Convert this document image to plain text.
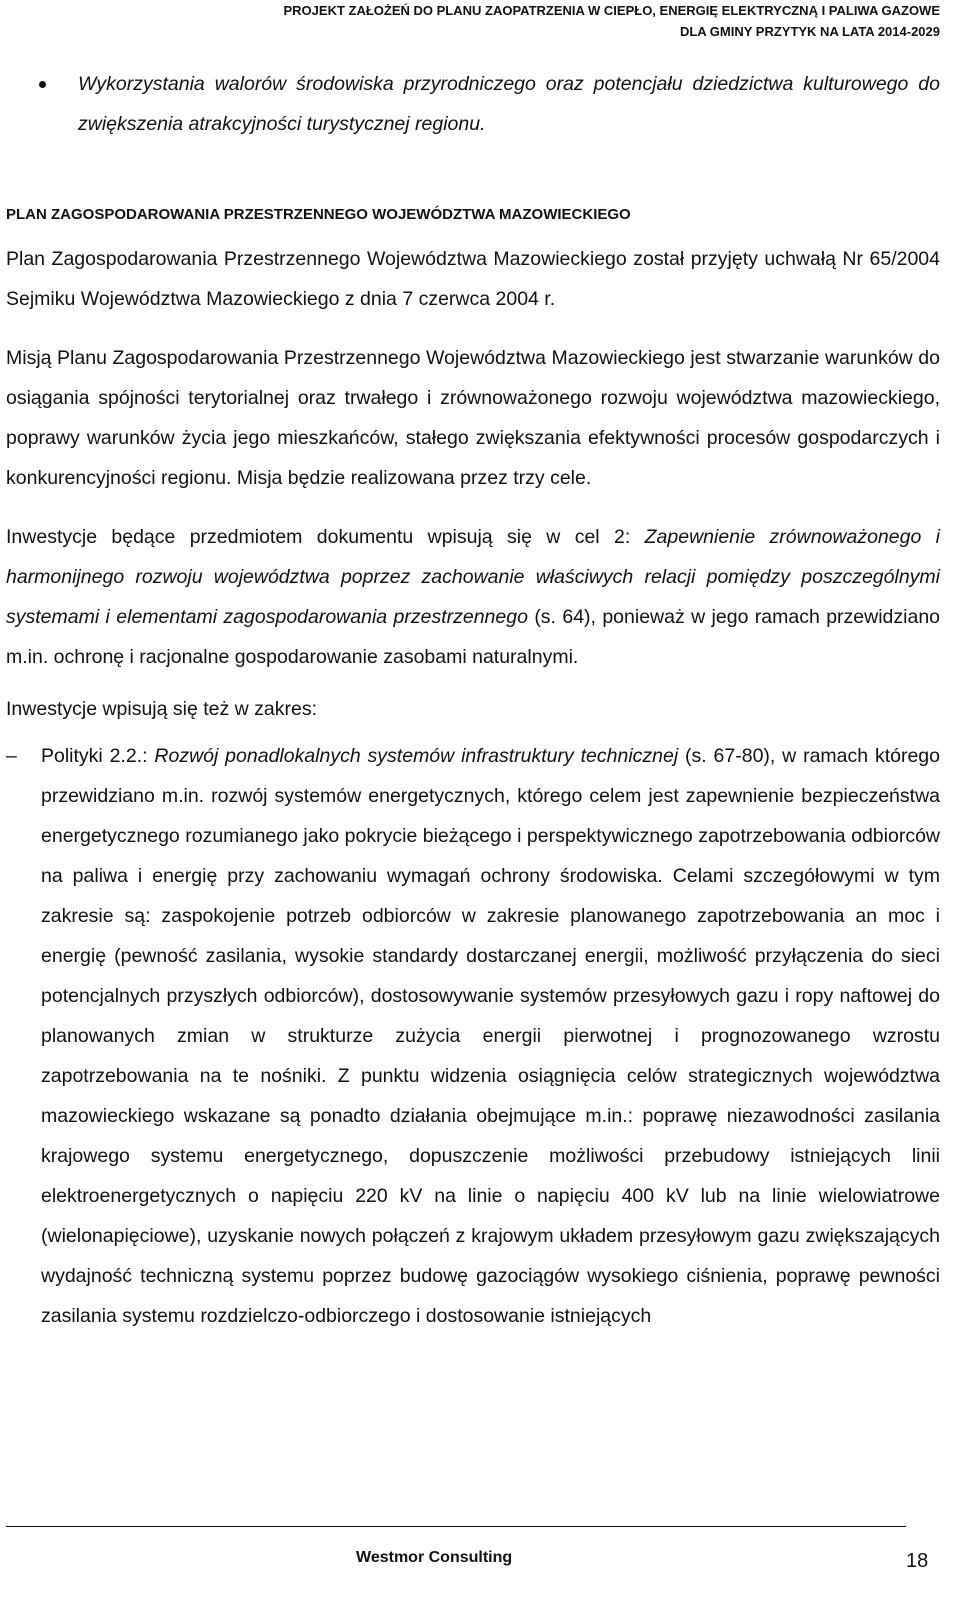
PROJEKT ZAŁOŻEŃ DO PLANU ZAOPATRZENIA W CIEPŁO, ENERGIĘ ELEKTRYCZNĄ I PALIWA GAZOWE
DLA GMINY PRZYTYK NA LATA 2014-2029
Wykorzystania walorów środowiska przyrodniczego oraz potencjału dziedzictwa kulturowego do zwiększenia atrakcyjności turystycznej regionu.
PLAN ZAGOSPODAROWANIA PRZESTRZENNEGO WOJEWÓDZTWA MAZOWIECKIEGO

Plan Zagospodarowania Przestrzennego Województwa Mazowieckiego został przyjęty uchwałą Nr 65/2004 Sejmiku Województwa Mazowieckiego z dnia 7 czerwca 2004 r.

Misją Planu Zagospodarowania Przestrzennego Województwa Mazowieckiego jest stwarzanie warunków do osiągania spójności terytorialnej oraz trwałego i zrównoważonego rozwoju województwa mazowieckiego, poprawy warunków życia jego mieszkańców, stałego zwiększania efektywności procesów gospodarczych i konkurencyjności regionu. Misja będzie realizowana przez trzy cele.

Inwestycje będące przedmiotem dokumentu wpisują się w cel 2: Zapewnienie zrównoważonego i harmonijnego rozwoju województwa poprzez zachowanie właściwych relacji pomiędzy poszczególnymi systemami i elementami zagospodarowania przestrzennego (s. 64), ponieważ w jego ramach przewidziano m.in. ochronę i racjonalne gospodarowanie zasobami naturalnymi.

Inwestycje wpisują się też w zakres:

– Polityki 2.2.: Rozwój ponadlokalnych systemów infrastruktury technicznej (s. 67-80), w ramach którego przewidziano m.in. rozwój systemów energetycznych, którego celem jest zapewnienie bezpieczeństwa energetycznego rozumianego jako pokrycie bieżącego i perspektywicznego zapotrzebowania odbiorców na paliwa i energię przy zachowaniu wymagań ochrony środowiska. Celami szczegółowymi w tym zakresie są: zaspokojenie potrzeb odbiorców w zakresie planowanego zapotrzebowania an moc i energię (pewność zasilania, wysokie standardy dostarczanej energii, możliwość przyłączenia do sieci potencjalnych przyszłych odbiorców), dostosowywanie systemów przesyłowych gazu i ropy naftowej do planowanych zmian w strukturze zużycia energii pierwotnej i prognozowanego wzrostu zapotrzebowania na te nośniki. Z punktu widzenia osiągnięcia celów strategicznych województwa mazowieckiego wskazane są ponadto działania obejmujące m.in.: poprawę niezawodności zasilania krajowego systemu energetycznego, dopuszczenie możliwości przebudowy istniejących linii elektroenergetycznych o napięciu 220 kV na linie o napięciu 400 kV lub na linie wielowiatrowe (wielonapięciowe), uzyskanie nowych połączeń z krajowym układem przesyłowym gazu zwiększających wydajność techniczną systemu poprzez budowę gazociągów wysokiego ciśnienia, poprawę pewności zasilania systemu rozdzielczo-odbiorczego i dostosowanie istniejących
Westmor Consulting	18
